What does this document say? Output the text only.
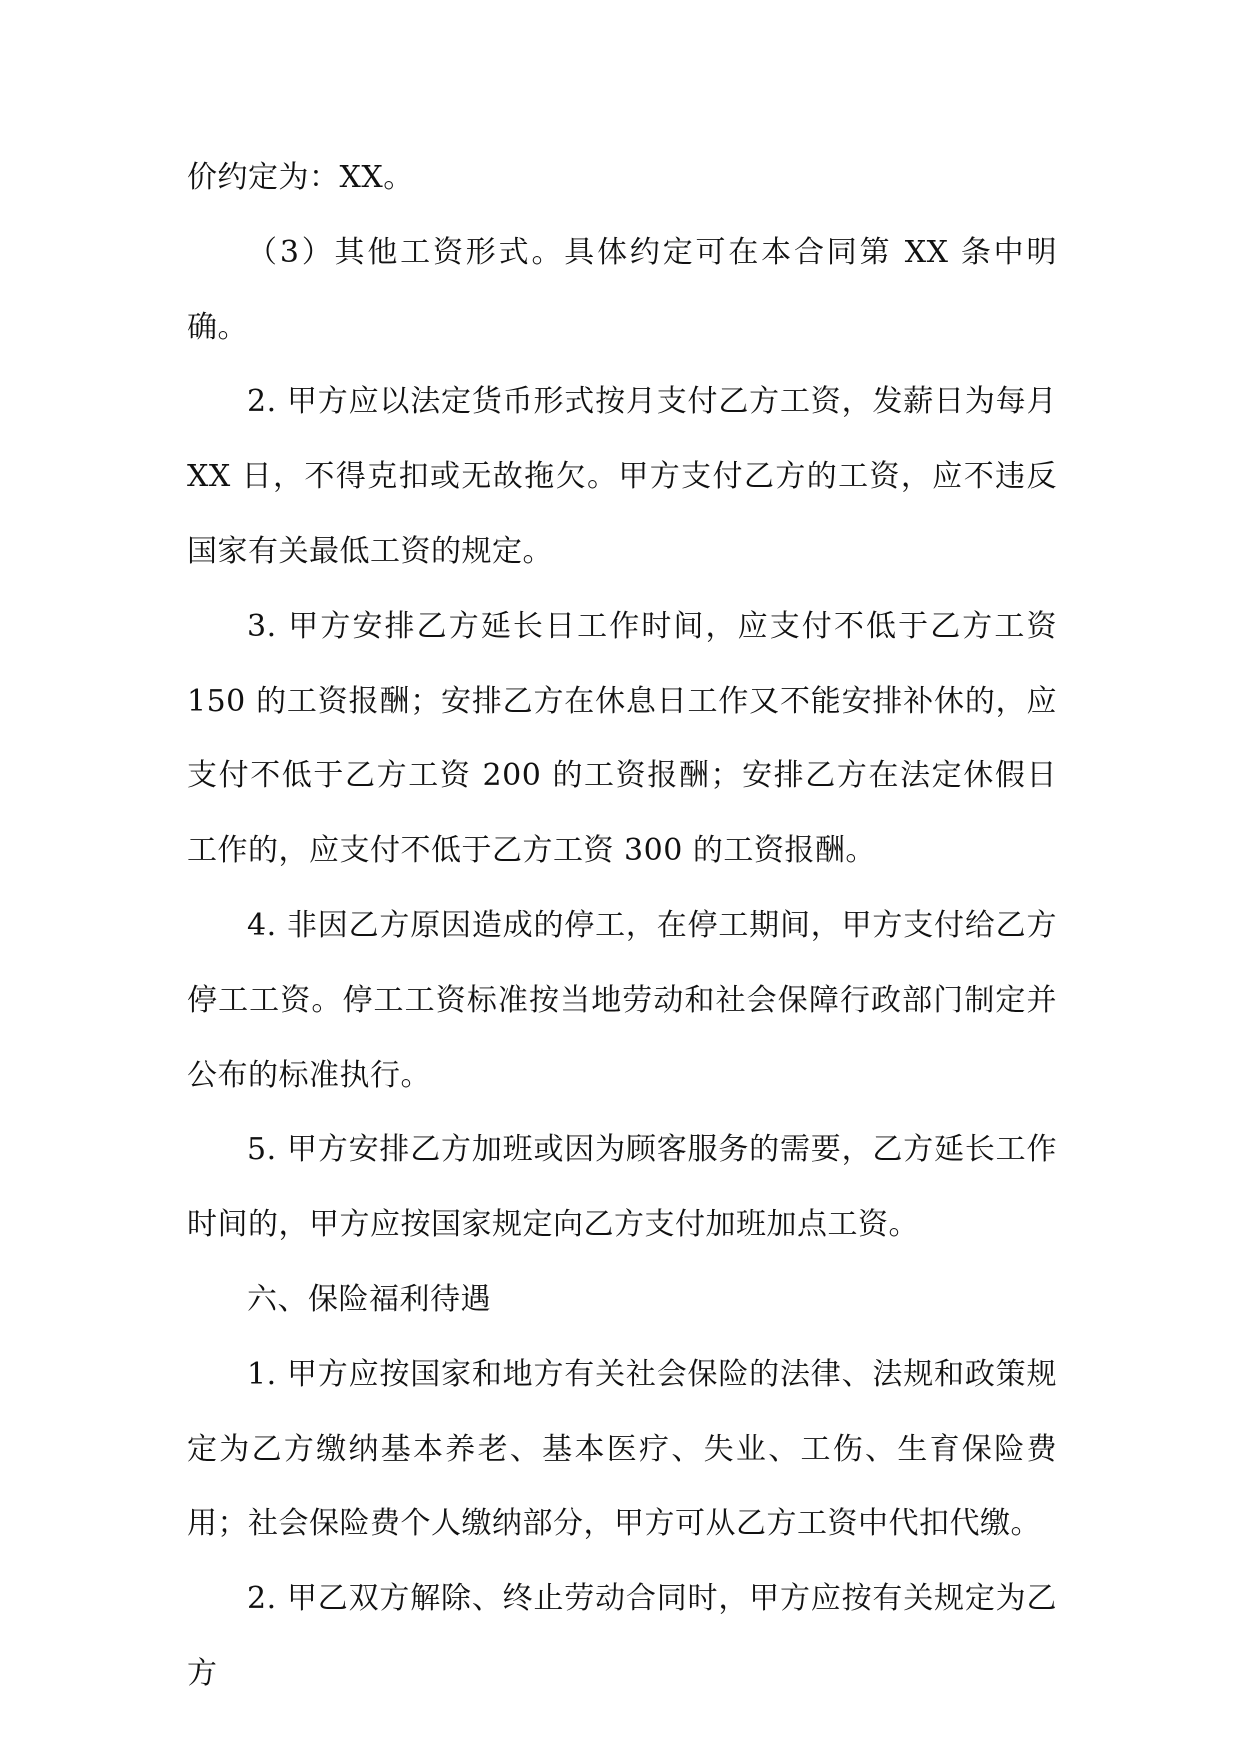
价约定为：XX。

（3）其他工资形式。具体约定可在本合同第 XX 条中明确。

2. 甲方应以法定货币形式按月支付乙方工资，发薪日为每月 XX 日，不得克扣或无故拖欠。甲方支付乙方的工资，应不违反国家有关最低工资的规定。

3. 甲方安排乙方延长日工作时间，应支付不低于乙方工资 150 的工资报酬；安排乙方在休息日工作又不能安排补休的，应支付不低于乙方工资 200 的工资报酬；安排乙方在法定休假日工作的，应支付不低于乙方工资 300 的工资报酬。

4. 非因乙方原因造成的停工，在停工期间，甲方支付给乙方停工工资。停工工资标准按当地劳动和社会保障行政部门制定并公布的标准执行。

5. 甲方安排乙方加班或因为顾客服务的需要，乙方延长工作时间的，甲方应按国家规定向乙方支付加班加点工资。

六、保险福利待遇

1. 甲方应按国家和地方有关社会保险的法律、法规和政策规定为乙方缴纳基本养老、基本医疗、失业、工伤、生育保险费用；社会保险费个人缴纳部分，甲方可从乙方工资中代扣代缴。

2. 甲乙双方解除、终止劳动合同时，甲方应按有关规定为乙方
